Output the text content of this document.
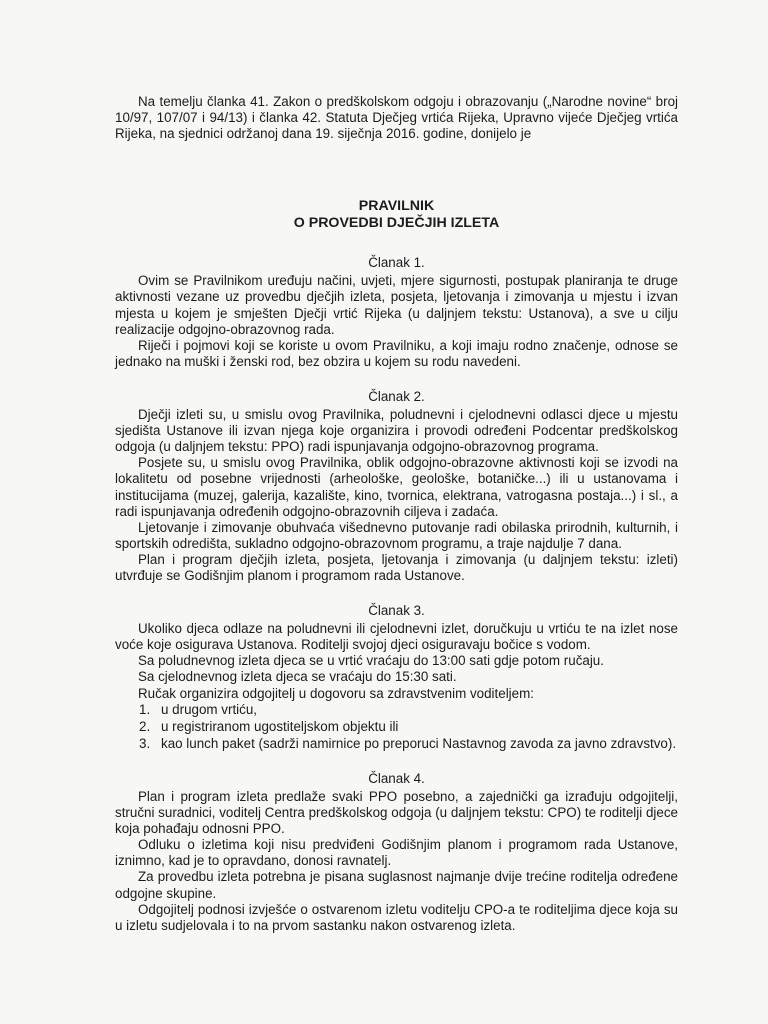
Na temelju članka 41. Zakon o predškolskom odgoju i obrazovanju („Narodne novine“ broj 10/97, 107/07 i 94/13) i članka 42. Statuta Dječjeg vrtića Rijeka, Upravno vijeće Dječjeg vrtića Rijeka, na sjednici održanoj dana 19. siječnja 2016. godine, donijelo je

PRAVILNIK
O PROVEDBI DJEČJIH IZLETA
Članak 1.

Ovim se Pravilnikom uređuju načini, uvjeti, mjere sigurnosti, postupak planiranja te druge aktivnosti vezane uz provedbu dječjih izleta, posjeta, ljetovanja i zimovanja u mjestu i izvan mjesta u kojem je smješten Dječji vrtić Rijeka (u daljnjem tekstu: Ustanova), a sve u cilju realizacije odgojno-obrazovnog rada.

Riječi i pojmovi koji se koriste u ovom Pravilniku, a koji imaju rodno značenje, odnose se jednako na muški i ženski rod, bez obzira u kojem su rodu navedeni.

Članak 2.

Dječji izleti su, u smislu ovog Pravilnika, poludnevni i cjelodnevni odlasci djece u mjestu sjedišta Ustanove ili izvan njega koje organizira i provodi određeni Podcentar predškolskog odgoja (u daljnjem tekstu: PPO) radi ispunjavanja odgojno-obrazovnog programa.

Posjete su, u smislu ovog Pravilnika, oblik odgojno-obrazovne aktivnosti koji se izvodi na lokalitetu od posebne vrijednosti (arheološke, geološke, botaničke...) ili u ustanovama i institucijama (muzej, galerija, kazalište, kino, tvornica, elektrana, vatrogasna postaja...) i sl., a radi ispunjavanja određenih odgojno-obrazovnih ciljeva i zadaća.

Ljetovanje i zimovanje obuhvaća višednevno putovanje radi obilaska prirodnih, kulturnih, i sportskih odredišta, sukladno odgojno-obrazovnom programu, a traje najdulje 7 dana.

Plan i program dječjih izleta, posjeta, ljetovanja i zimovanja (u daljnjem tekstu: izleti) utvrđuje se Godišnjim planom i programom rada Ustanove.

Članak 3.

Ukoliko djeca odlaze na poludnevni ili cjelodnevni izlet, doručkuju u vrtiću te na izlet nose voće koje osigurava Ustanova. Roditelji svojoj djeci osiguravaju bočice s vodom.

Sa poludnevnog izleta djeca se u vrtić vraćaju do 13:00 sati gdje potom ručaju.

Sa cjelodnevnog izleta djeca se vraćaju do 15:30 sati.

Ručak organizira odgojitelj u dogovoru sa zdravstvenim voditeljem:

1. u drugom vrtiću,
2. u registriranom ugostiteljskom objektu ili
3. kao lunch paket (sadrži namirnice po preporuci Nastavnog zavoda za javno zdravstvo).
Članak 4.

Plan i program izleta predlaže svaki PPO posebno, a zajednički ga izrađuju odgojitelji, stručni suradnici, voditelj Centra predškolskog odgoja (u daljnjem tekstu: CPO) te roditelji djece koja pohađaju odnosni PPO.

Odluku o izletima koji nisu predviđeni Godišnjim planom i programom rada Ustanove, iznimno, kad je to opravdano, donosi ravnatelj.

Za provedbu izleta potrebna je pisana suglasnost najmanje dvije trećine roditelja određene odgojne skupine.

Odgojitelj podnosi izvješće o ostvarenom izletu voditelju CPO-a te roditeljima djece koja su u izletu sudjelovala i to na prvom sastanku nakon ostvarenog izleta.
